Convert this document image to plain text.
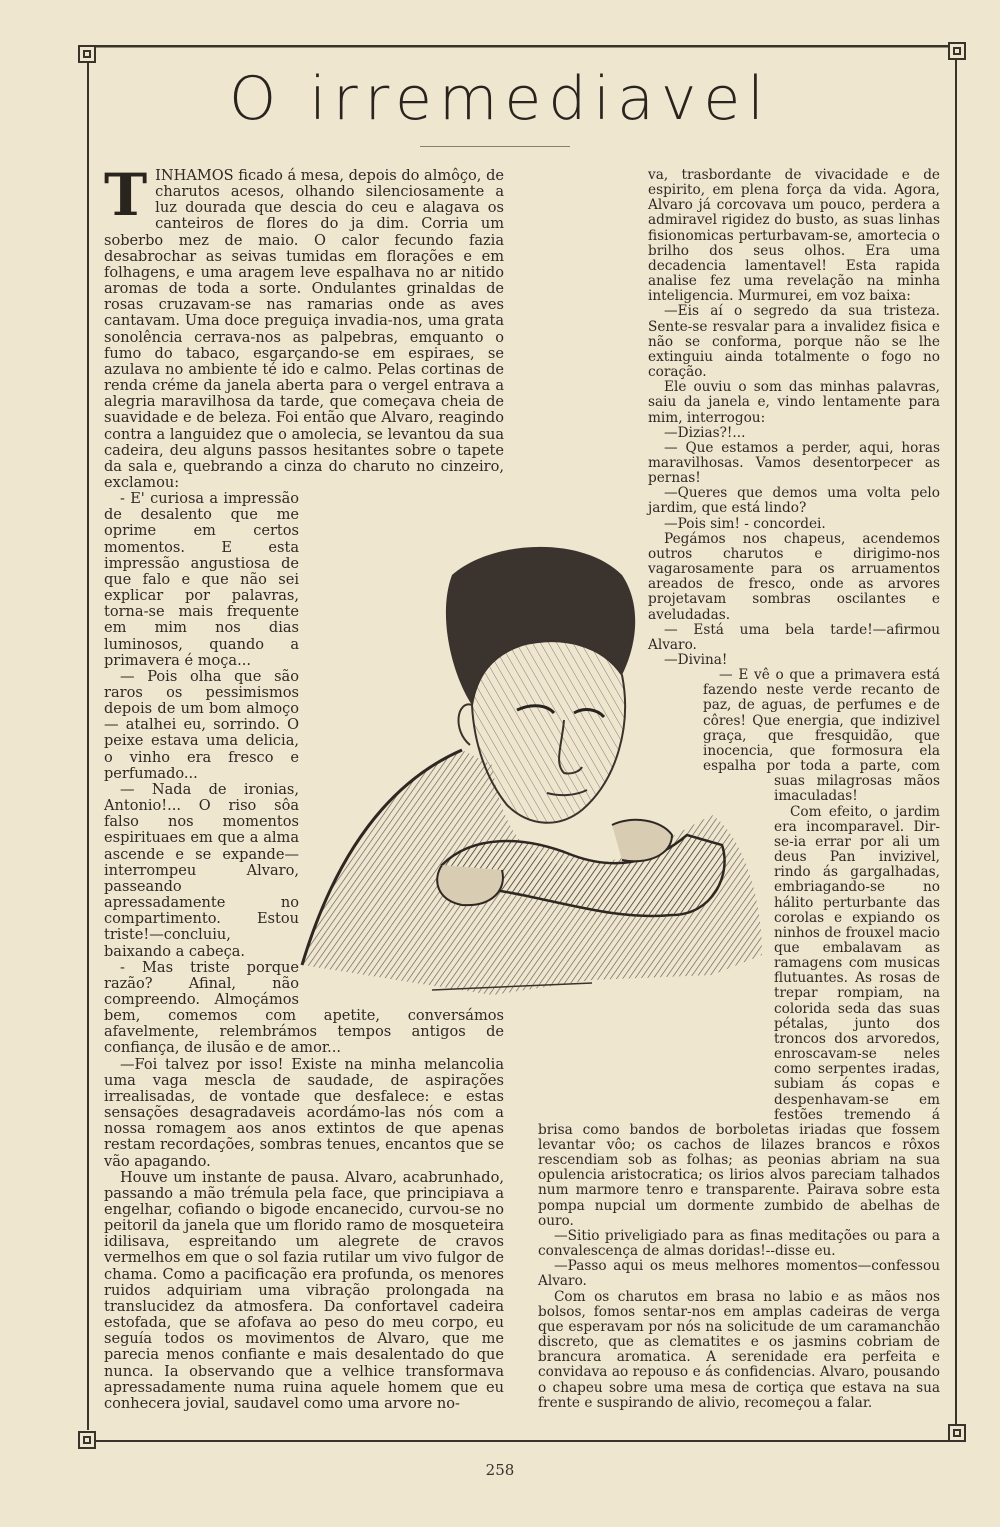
O irremediavel
T INHAMOS ficado á mesa, depois do almôço, de charutos acesos, olhando silenciosamente a luz dourada que descia do ceu e alagava os canteiros de flores do ja dim. Corria um soberbo mez de maio. O calor fecundo fazia desabrochar as seivas tumidas em florações e em folhagens, e uma aragem leve espalhava no ar nitido aromas de toda a sorte. Ondulantes grinaldas de rosas cruzavam-se nas ramarias onde as aves cantavam. Uma doce preguiça invadia-nos, uma grata sonolência cerrava-nos as palpebras, emquanto o fumo do tabaco, esgarçando-se em espiraes, se azulava no ambiente té ido e calmo. Pelas cortinas de renda créme da janela aberta para o vergel entrava a alegria maravilhosa da tarde, que começava cheia de suavidade e de beleza. Foi então que Alvaro, reagindo contra a languidez que o amolecia, se levantou da sua cadeira, deu alguns passos hesitantes sobre o tapete da sala e, quebrando a cinza do charuto no cinzeiro, exclamou:

- E' curiosa a impressão de desalento que me oprime em certos momentos. E esta impressão angustiosa de que falo e que não sei explicar por palavras, torna-se mais frequente em mim nos dias luminosos, quando a primavera é moça...

— Pois olha que são raros os pessimismos depois de um bom almoço — atalhei eu, sorrindo. O peixe estava uma delicia, o vinho era fresco e perfumado...

— Nada de ironias, Antonio!... O riso sôa falso nos momentos espirituaes em que a alma ascende e se expande—interrompeu Alvaro, passeando apressadamente no compartimento. Estou triste!—concluiu, baixando a cabeça.

- Mas triste porque razão? Afinal, não compreendo. Almoçámos bem, comemos com apetite, conversámos afavelmente, relembrámos tempos antigos de confiança, de ilusão e de amor...

—Foi talvez por isso! Existe na minha melancolia uma vaga mescla de saudade, de aspirações irrealisadas, de vontade que desfalece: e estas sensações desagradaveis acordámo-las nós com a nossa romagem aos anos extintos de que apenas restam recordações, sombras tenues, encantos que se vão apagando.

Houve um instante de pausa. Alvaro, acabrunhado, passando a mão trémula pela face, que principiava a engelhar, cofiando o bigode encanecido, curvou-se no peitoril da janela que um florido ramo de mosqueteira idilisava, espreitando um alegrete de cravos vermelhos em que o sol fazia rutilar um vivo fulgor de chama. Como a pacificação era profunda, os menores ruidos adquiriam uma vibração prolongada na translucidez da atmosfera. Da confortavel cadeira estofada, que se afofava ao peso do meu corpo, eu seguía todos os movimentos de Alvaro, que me parecia menos confiante e mais desalentado do que nunca. Ia observando que a velhice transformava apressadamente numa ruina aquele homem que eu conhecera jovial, saudavel como uma arvore no-

va, trasbordante de vivacidade e de espirito, em plena força da vida. Agora, Alvaro já corcovava um pouco, perdera a admiravel rigidez do busto, as suas linhas fisionomicas perturbavam-se, amortecia o brilho dos seus olhos. Era uma decadencia lamentavel! Esta rapida analise fez uma revelação na minha inteligencia. Murmurei, em voz baixa:

—Eis aí o segredo da sua tristeza. Sente-se resvalar para a invalidez fisica e não se conforma, porque não se lhe extinguiu ainda totalmente o fogo no coração.

Ele ouviu o som das minhas palavras, saiu da janela e, vindo lentamente para mim, interrogou:

—Dizias?!...

— Que estamos a perder, aqui, horas maravilhosas. Vamos desentorpecer as pernas!

—Queres que demos uma volta pelo jardim, que está lindo?

—Pois sim! - concordei.

Pegámos nos chapeus, acendemos outros charutos e dirigimo-nos vagarosamente para os arruamentos areados de fresco, onde as arvores projetavam sombras oscilantes e aveludadas.

— Está uma bela tarde!—afirmou Alvaro.

—Divina!

— E vê o que a primavera está fazendo neste verde recanto de paz, de aguas, de perfumes e de côres! Que energia, que indizivel graça, que fresquidão, que inocencia, que formosura ela espalha por toda a parte, com suas milagrosas mãos imaculadas!

Com efeito, o jardim era incomparavel. Dir-se-ia errar por ali um deus Pan invizivel, rindo ás gargalhadas, embriagando-se no hálito perturbante das corolas e expiando os ninhos de frouxel macio que embalavam as ramagens com musicas flutuantes. As rosas de trepar rompiam, na colorida seda das suas pétalas, junto dos troncos dos arvoredos, enroscavam-se neles como serpentes iradas, subiam ás copas e despenhavam-se em festões tremendo á brisa como bandos de borboletas iriadas que fossem levantar vôo; os cachos de lilazes brancos e rôxos rescendiam sob as folhas; as peonias abriam na sua opulencia aristocratica; os lirios alvos pareciam talhados num marmore tenro e transparente. Pairava sobre esta pompa nupcial um dormente zumbido de abelhas de ouro.

—Sitio priveligiado para as finas meditações ou para a convalescença de almas doridas!--disse eu.

—Passo aqui os meus melhores momentos—confessou Alvaro.

Com os charutos em brasa no labio e as mãos nos bolsos, fomos sentar-nos em amplas cadeiras de verga que esperavam por nós na solicitude de um caramanchão discreto, que as clematites e os jasmins cobriam de brancura aromatica. A serenidade era perfeita e convidava ao repouso e ás confidencias. Alvaro, pousando o chapeu sobre uma mesa de cortiça que estava na sua frente e suspirando de alivio, recomeçou a falar.

258
